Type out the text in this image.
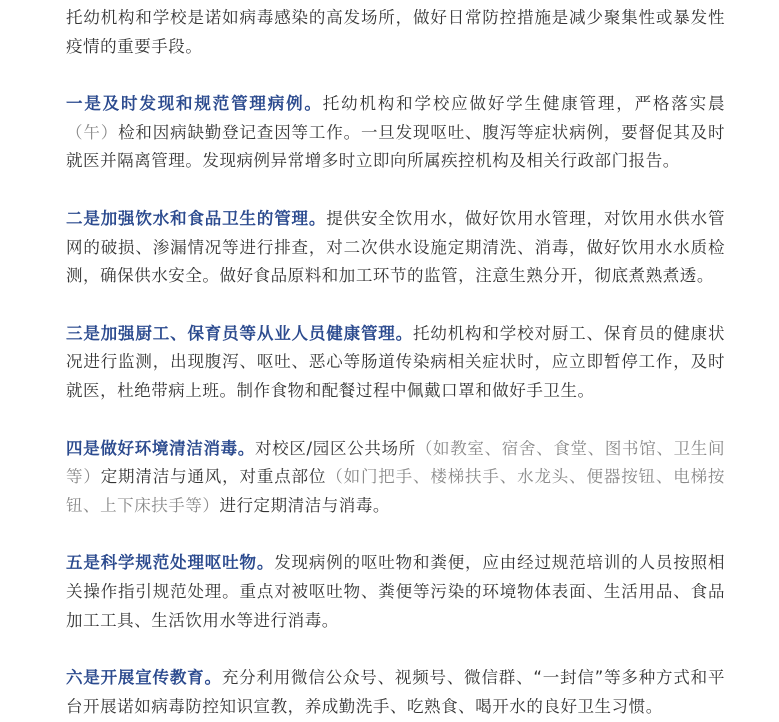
托幼机构和学校是诺如病毒感染的高发场所，做好日常防控措施是减少聚集性或暴发性疫情的重要手段。

一是及时发现和规范管理病例。托幼机构和学校应做好学生健康管理，严格落实晨（午）检和因病缺勤登记查因等工作。一旦发现呕吐、腹泻等症状病例，要督促其及时就医并隔离管理。发现病例异常增多时立即向所属疾控机构及相关行政部门报告。

二是加强饮水和食品卫生的管理。提供安全饮用水，做好饮用水管理，对饮用水供水管网的破损、渗漏情况等进行排查，对二次供水设施定期清洗、消毒，做好饮用水水质检测，确保供水安全。做好食品原料和加工环节的监管，注意生熟分开，彻底煮熟煮透。

三是加强厨工、保育员等从业人员健康管理。托幼机构和学校对厨工、保育员的健康状况进行监测，出现腹泻、呕吐、恶心等肠道传染病相关症状时，应立即暂停工作，及时就医，杜绝带病上班。制作食物和配餐过程中佩戴口罩和做好手卫生。

四是做好环境清洁消毒。对校区/园区公共场所（如教室、宿舍、食堂、图书馆、卫生间等）定期清洁与通风，对重点部位（如门把手、楼梯扶手、水龙头、便器按钮、电梯按钮、上下床扶手等）进行定期清洁与消毒。

五是科学规范处理呕吐物。发现病例的呕吐物和粪便，应由经过规范培训的人员按照相关操作指引规范处理。重点对被呕吐物、粪便等污染的环境物体表面、生活用品、食品加工工具、生活饮用水等进行消毒。

六是开展宣传教育。充分利用微信公众号、视频号、微信群、“一封信”等多种方式和平台开展诺如病毒防控知识宣教，养成勤洗手、吃熟食、喝开水的良好卫生习惯。
